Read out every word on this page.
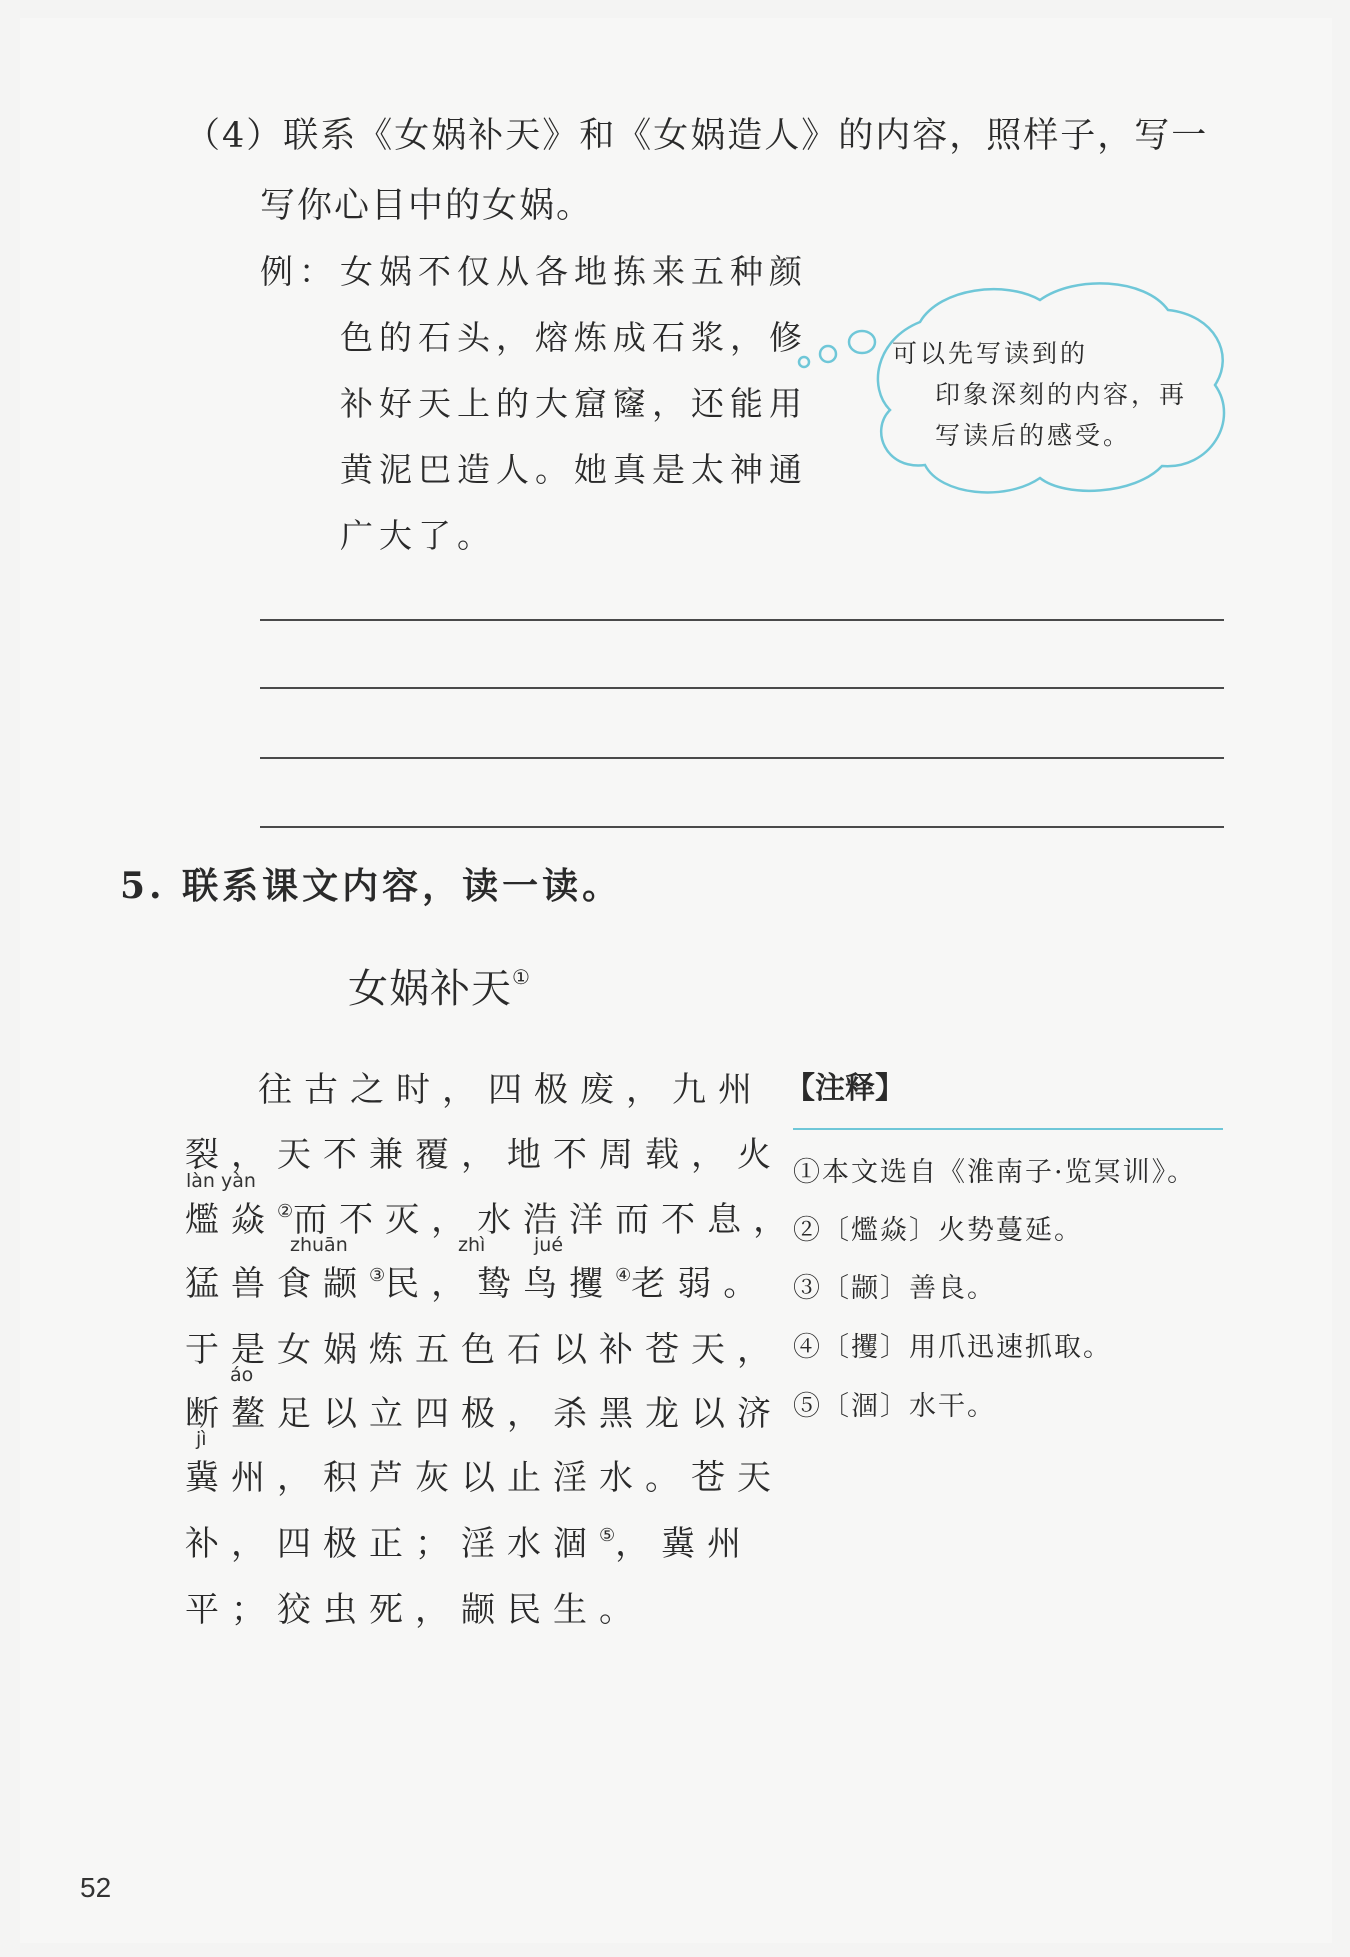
（4）联系《女娲补天》和《女娲造人》的内容，照样子，写一
写你心目中的女娲。
例： 女娲不仅从各地拣来五种颜
色的石头，熔炼成石浆，修
补好天上的大窟窿，还能用
黄泥巴造人。她真是太神通
广大了。
可以先写读到的
印象深刻的内容，再
写读后的感受。
5. 联系课文内容，读一读。
女娲补天①
往古之时，四极废，九州
裂，天不兼覆，地不周载，火
làn yàn
爁焱②而不灭，水浩洋而不息，
zhuān	zhì	jué
猛兽食颛③民，鸷鸟攫④老弱。
于是女娲炼五色石以补苍天，
áo
断鳌足以立四极，杀黑龙以济
jì
冀州，积芦灰以止淫水。苍天
补，四极正；淫水涸⑤，冀州
平；狡虫死，颛民生。
【注释】
①本文选自《淮南子·览冥训》。
②〔爁焱〕火势蔓延。
③〔颛〕善良。
④〔攫〕用爪迅速抓取。
⑤〔涸〕水干。
52
